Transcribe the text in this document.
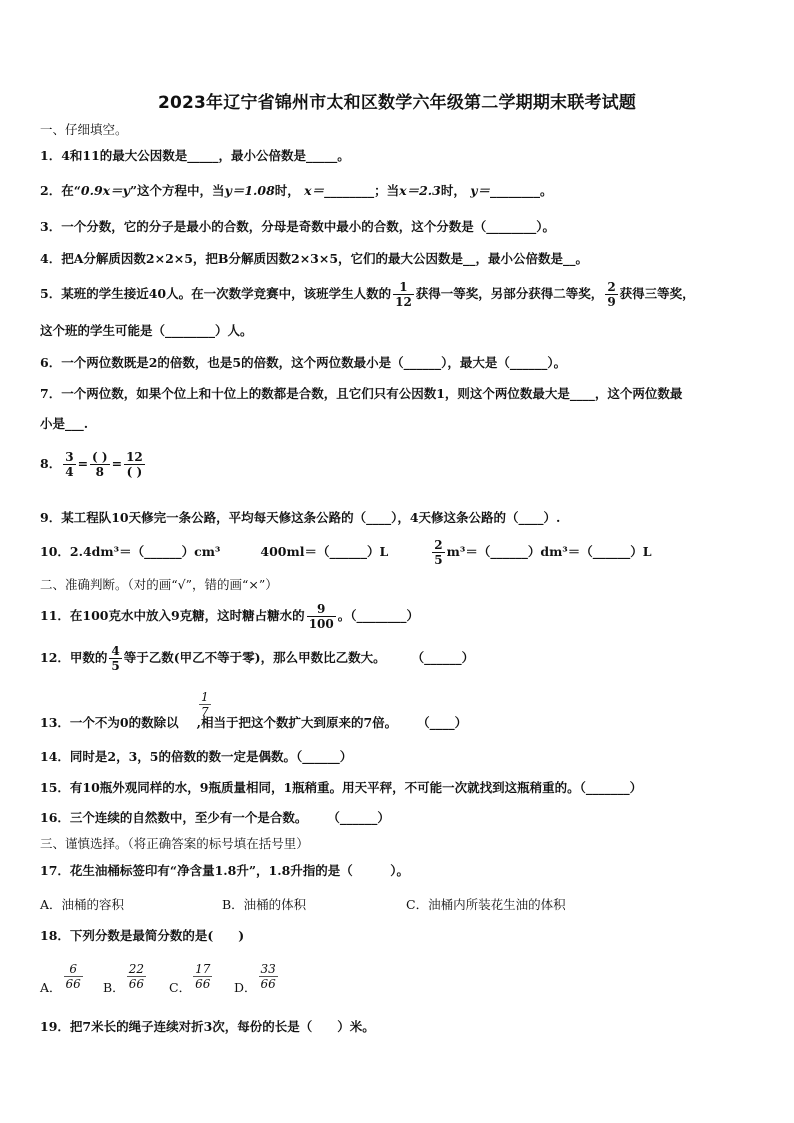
2023年辽宁省锦州市太和区数学六年级第二学期期末联考试题
一、仔细填空。
1．4和11的最大公因数是_____，最小公倍数是_____。
2．在“0.9x＝y”这个方程中，当y＝1.08时， x＝________；当x＝2.3时， y＝________。
3．一个分数，它的分子是最小的合数，分母是奇数中最小的合数，这个分数是（________）。
4．把A分解质因数2×2×5，把B分解质因数2×3×5，它们的最大公因数是__，最小公倍数是__。
5．某班的学生接近40人。在一次数学竞赛中，该班学生人数的 $\frac{1}{12}$ 获得一等奖，另部分获得二等奖， $\frac{2}{9}$ 获得三等奖，
这个班的学生可能是（________）人。
6．一个两位数既是2的倍数，也是5的倍数，这个两位数最小是（______），最大是（______）。
7．一个两位数，如果个位上和十位上的数都是合数，且它们只有公因数1，则这个两位数最大是____，这个两位数最
小是___.
8． $\frac{3}{4} = \frac{( )}{8} = \frac{12}{( )}$
9．某工程队10天修完一条公路，平均每天修这条公路的（____），4天修这条公路的（____）.
10．2.4dm³＝（______）cm³	400ml＝（______）L	$\frac{2}{5}$ m³＝（______）dm³＝（______）L
二、准确判断。（对的画“√”，错的画“×”）
11．在100克水中放入9克糖，这时糖占糖水的 $\frac{9}{100}$ 。（________）
12．甲数的 $\frac{4}{5}$ 等于乙数(甲乙不等于零)，那么甲数比乙数大。 （______）
$\frac{1}{7}$
13．一个不为0的数除以 ,相当于把这个数扩大到原来的7倍。 （____）
14．同时是2，3，5的倍数的数一定是偶数。（______）
15．有10瓶外观同样的水，9瓶质量相同，1瓶稍重。用天平秤，不可能一次就找到这瓶稍重的。（_______）
16．三个连续的自然数中，至少有一个是合数。 （______）
三、谨慎选择。（将正确答案的标号填在括号里）
17．花生油桶标签印有“净含量1.8升”，1.8升指的是（　　　）。
A．油桶的容积	B．油桶的体积	C．油桶内所装花生油的体积
18．下列分数是最简分数的是(　　)
A． $\frac{6}{66}$ B． $\frac{22}{66}$ C． $\frac{17}{66}$ D． $\frac{33}{66}$
19．把7米长的绳子连续对折3次，每份的长是（　　）米。
